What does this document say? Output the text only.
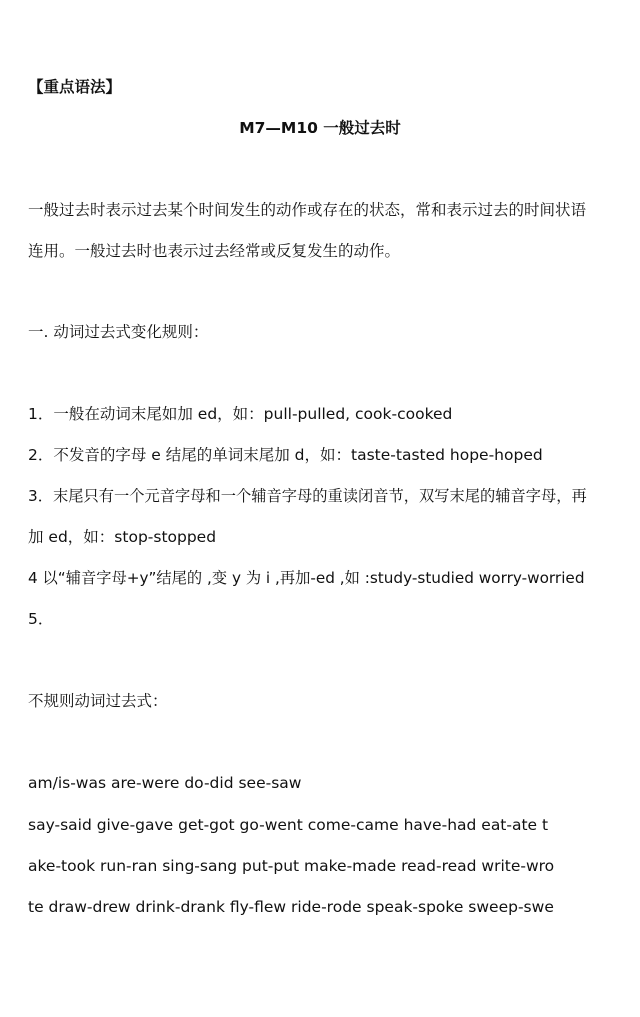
【重点语法】
M7—M10 一般过去时
一般过去时表示过去某个时间发生的动作或存在的状态，常和表示过去的时间状语
连用。一般过去时也表示过去经常或反复发生的动作。
一. 动词过去式变化规则：
1．一般在动词末尾如加 ed，如：pull-pulled, cook-cooked
2．不发音的字母 e 结尾的单词末尾加 d，如：taste-tasted hope-hoped
3．末尾只有一个元音字母和一个辅音字母的重读闭音节，双写末尾的辅音字母，再
加 ed，如：stop-stopped
4 以“辅音字母+y”结尾的 ,变 y 为 i ,再加-ed ,如 :study-studied worry-worried
5．
不规则动词过去式：
am/is-was are-were do-did see-saw
say-said give-gave get-got go-went come-came have-had eat-ate t
ake-took run-ran sing-sang put-put make-made read-read write-wro
te draw-drew drink-drank fly-flew ride-rode speak-spoke sweep-swe
